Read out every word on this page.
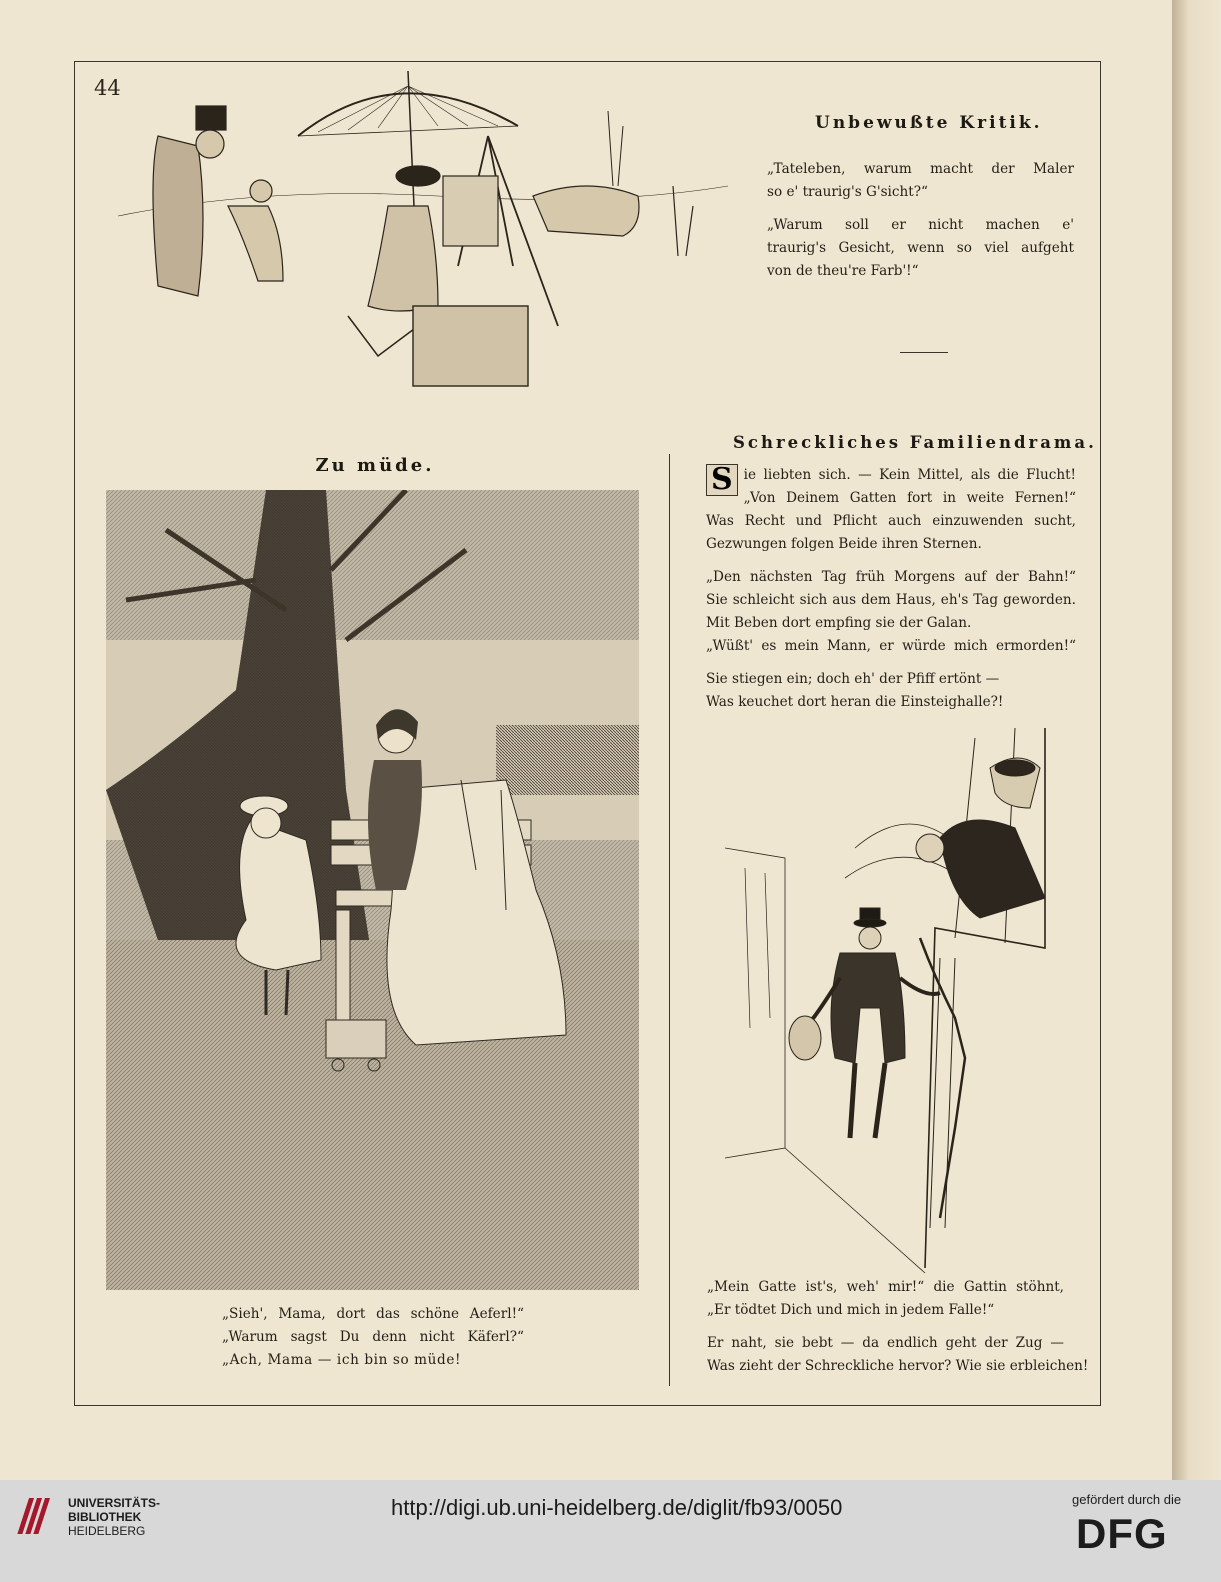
44
Unbewußte Kritik.

„Tateleben, warum macht der Maler

so e' traurig's G'sicht?“

„Warum soll er nicht machen e'

traurig's Gesicht, wenn so viel aufgeht

von de theu're Farb'!“
Zu müde.

„Sieh', Mama, dort das schöne Aeferl!“

„Warum sagst Du denn nicht Käferl?“

„Ach, Mama — ich bin so müde!
Schreckliches Familiendrama.
S ie liebten sich. — Kein Mittel, als die Flucht!

„Von Deinem Gatten fort in weite Fernen!“

Was Recht und Pflicht auch einzuwenden sucht,

Gezwungen folgen Beide ihren Sternen.

„Den nächsten Tag früh Morgens auf der Bahn!“

Sie schleicht sich aus dem Haus, eh's Tag geworden.

Mit Beben dort empfing sie der Galan.

„Wüßt' es mein Mann, er würde mich ermorden!“

Sie stiegen ein; doch eh' der Pfiff ertönt —

Was keuchet dort heran die Einsteighalle?!

„Mein Gatte ist's, weh' mir!“ die Gattin stöhnt,

„Er tödtet Dich und mich in jedem Falle!“

Er naht, sie bebt — da endlich geht der Zug —

Was zieht der Schreckliche hervor? Wie sie erbleichen!
UNIVERSITÄTS-
BIBLIOTHEK
HEIDELBERG
http://digi.ub.uni-heidelberg.de/diglit/fb93/0050	gefördert durch die
DFG
